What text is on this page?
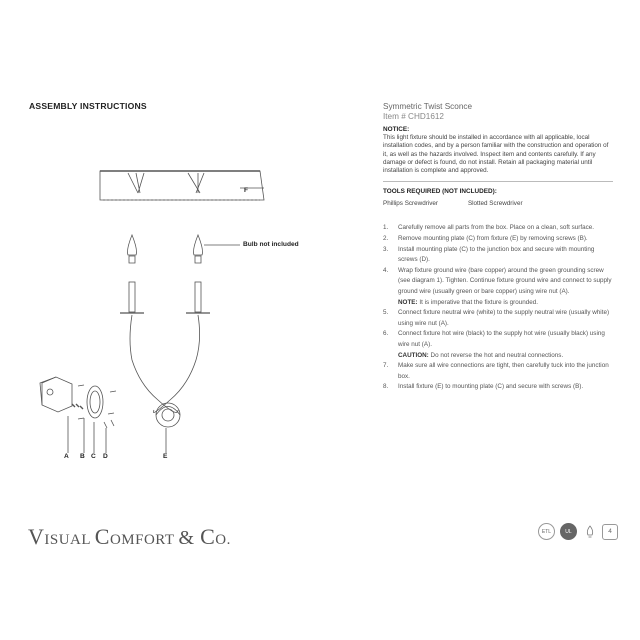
ASSEMBLY INSTRUCTIONS
F
Bulb not included
A B C D	E
Symmetric Twist Sconce
Item # CHD1612
NOTICE:
This light fixture should be installed in accordance with all applicable, local installation codes, and by a person familiar with the construction and operation of it, as well as the hazards involved. Inspect item and contents carefully. If any damage or defect is found, do not install. Retain all packaging material until installation is complete and approved.
TOOLS REQUIRED (NOT INCLUDED):
Phillips Screwdriver	Slotted Screwdriver
1. Carefully remove all parts from the box. Place on a clean, soft surface.
2. Remove mounting plate (C) from fixture (E) by removing screws (B).
3. Install mounting plate (C) to the junction box and secure with mounting screws (D).
4. Wrap fixture ground wire (bare copper) around the green grounding screw (see diagram 1). Tighten. Continue fixture ground wire and connect to supply ground wire (usually green or bare copper) using wire nut (A).
NOTE: It is imperative that the fixture is grounded.
5. Connect fixture neutral wire (white) to the supply neutral wire (usually white) using wire nut (A).
6. Connect fixture hot wire (black) to the supply hot wire (usually black) using wire nut (A).
CAUTION: Do not reverse the hot and neutral connections.
7. Make sure all wire connections are tight, then carefully tuck into the junction box.
8. Install fixture (E) to mounting plate (C) and secure with screws (B).
VISUAL COMFORT & CO.
ETL	UL	4
